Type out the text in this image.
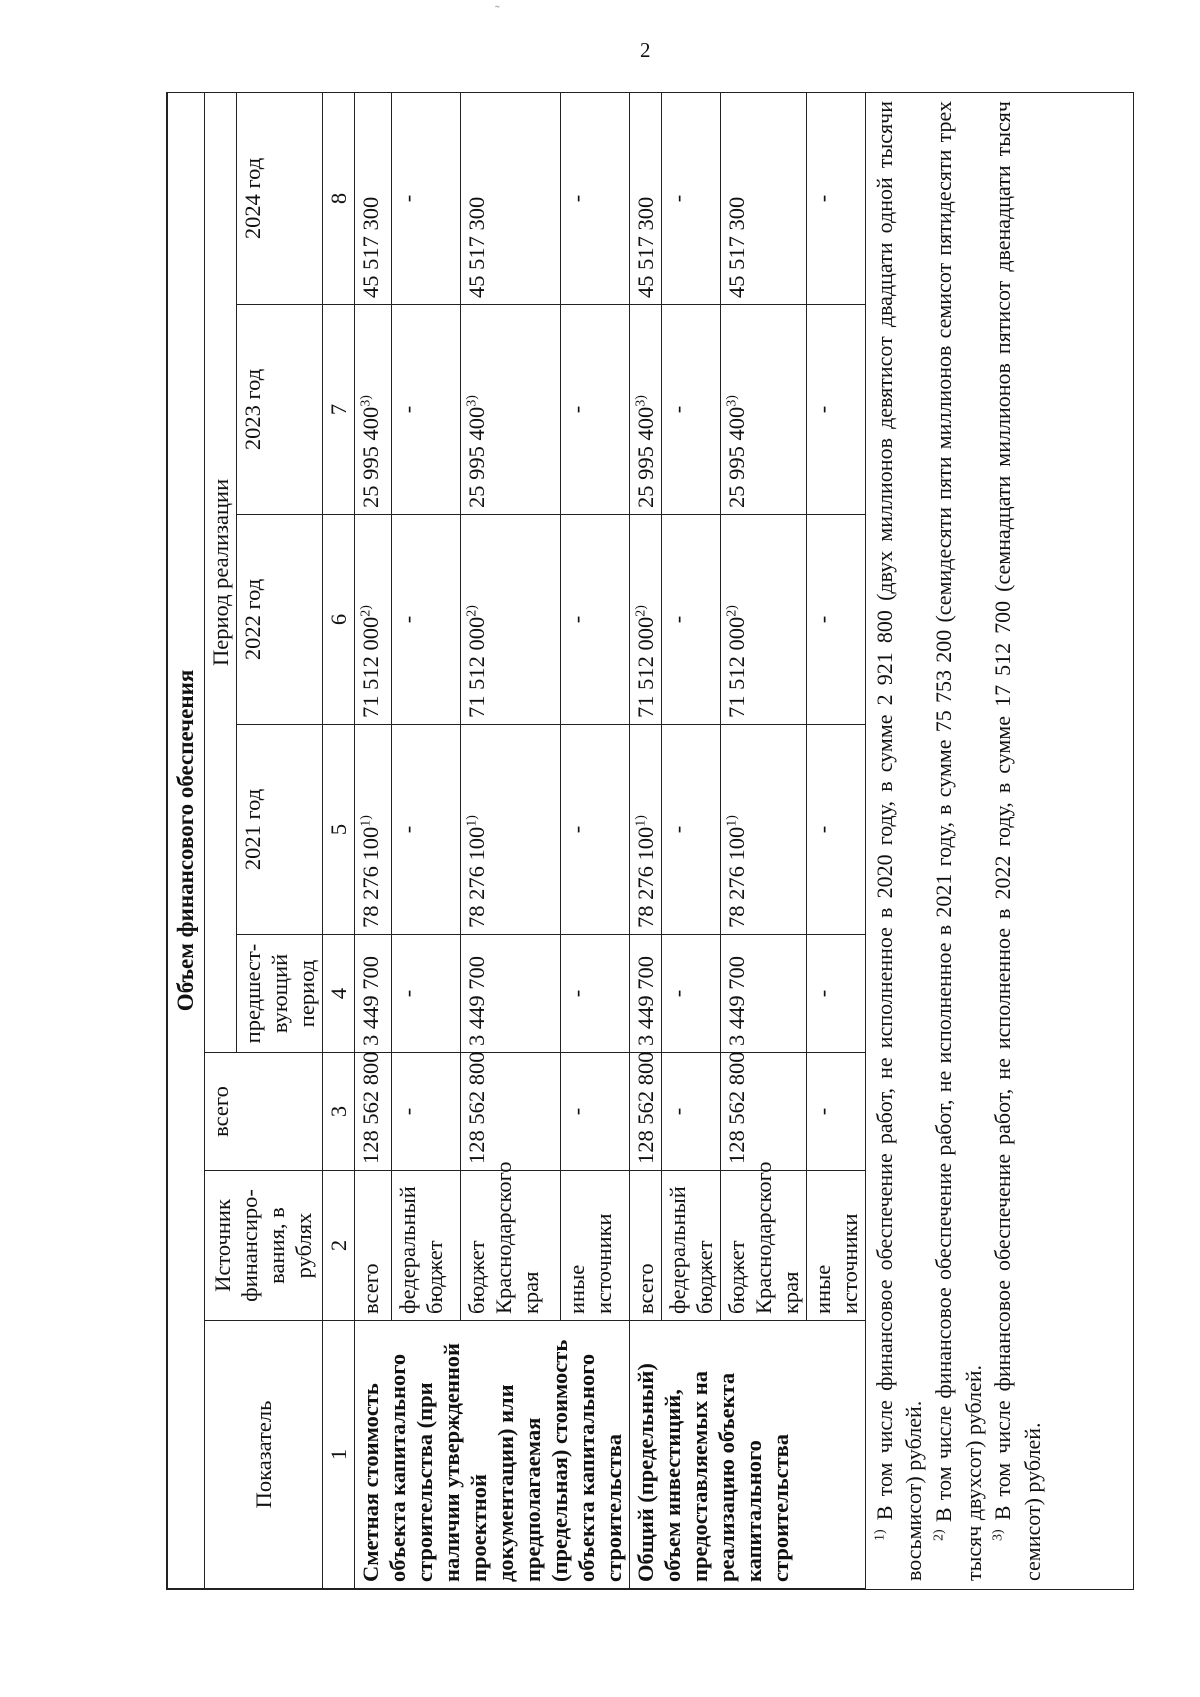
˜
2
Объем финансового обеспечения							
Показатель	Источник финансиро-вания, в рублях	всего	Период реализации				
			предшест-вующий период	2021 год	2022 год	2023 год	2024 год
1	2	3	4	5	6	7	8
Сметная стоимость объекта капитального строительства (при наличии утвержденной проектной документации) или предполагаемая (предельная) стоимость объекта капитального строительства	всего	128 562 800	3 449 700	78 276 100$^{1)}$	71 512 000$^{2)}$	25 995 400$^{3)}$	45 517 300
	федеральный бюджет	-	-	-	-	-	-
	бюджет Краснодарского края	128 562 800	3 449 700	78 276 100$^{1)}$	71 512 000$^{2)}$	25 995 400$^{3)}$	45 517 300
	иные источники	-	-	-	-	-	-
Общий (предельный) объем инвестиций, предоставляемых на реализацию объекта капитального строительства	всего	128 562 800	3 449 700	78 276 100$^{1)}$	71 512 000$^{2)}$	25 995 400$^{3)}$	45 517 300
	федеральный бюджет	-	-	-	-	-	-
	бюджет Краснодарского края	128 562 800	3 449 700	78 276 100$^{1)}$	71 512 000$^{2)}$	25 995 400$^{3)}$	45 517 300
	иные источники	-	-	-	-	-	-

$^{1)}$ В том числе финансовое обеспечение работ, не исполненное в 2020 году, в сумме 2 921 800 (двух миллионов девятисот двадцати одной тысячи восьмисот) рублей. $^{2)}$ В том числе финансовое обеспечение работ, не исполненное в 2021 году, в сумме 75 753 200 (семидесяти пяти миллионов семисот пятидесяти трех тысяч двухсот) рублей. $^{3)}$ В том числе финансовое обеспечение работ, не исполненное в 2022 году, в сумме 17 512 700 (семнадцати миллионов пятисот двенадцати тысяч семисот) рублей.
